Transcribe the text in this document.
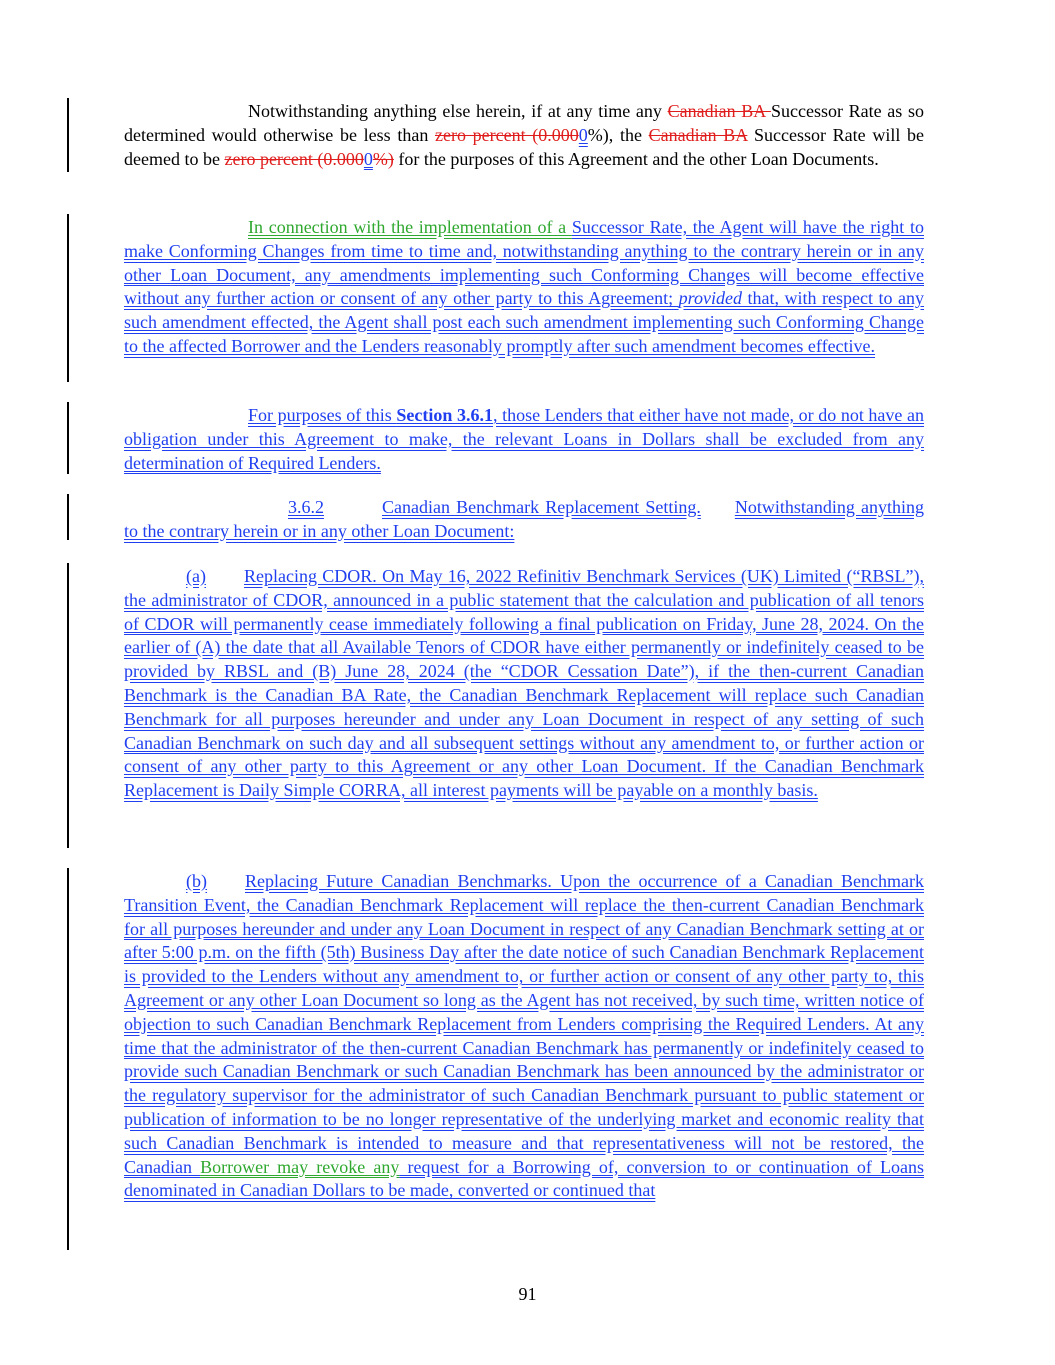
Notwithstanding anything else herein, if at any time any Canadian BA Successor Rate as so determined would otherwise be less than zero percent (0.0000%), the Canadian BA Successor Rate will be deemed to be zero percent (0.0000%) for the purposes of this Agreement and the other Loan Documents.

In connection with the implementation of a Successor Rate, the Agent will have the right to make Conforming Changes from time to time and, notwithstanding anything to the contrary herein or in any other Loan Document, any amendments implementing such Conforming Changes will become effective without any further action or consent of any other party to this Agreement; provided that, with respect to any such amendment effected, the Agent shall post each such amendment implementing such Conforming Change to the affected Borrower and the Lenders reasonably promptly after such amendment becomes effective.

For purposes of this Section 3.6.1, those Lenders that either have not made, or do not have an obligation under this Agreement to make, the relevant Loans in Dollars shall be excluded from any determination of Required Lenders.

3.6.2	Canadian Benchmark Replacement Setting. Notwithstanding anything to the contrary herein or in any other Loan Document:

(a) Replacing CDOR. On May 16, 2022 Refinitiv Benchmark Services (UK) Limited (“RBSL”), the administrator of CDOR, announced in a public statement that the calculation and publication of all tenors of CDOR will permanently cease immediately following a final publication on Friday, June 28, 2024. On the earlier of (A) the date that all Available Tenors of CDOR have either permanently or indefinitely ceased to be provided by RBSL and (B) June 28, 2024 (the “CDOR Cessation Date”), if the then-current Canadian Benchmark is the Canadian BA Rate, the Canadian Benchmark Replacement will replace such Canadian Benchmark for all purposes hereunder and under any Loan Document in respect of any setting of such Canadian Benchmark on such day and all subsequent settings without any amendment to, or further action or consent of any other party to this Agreement or any other Loan Document. If the Canadian Benchmark Replacement is Daily Simple CORRA, all interest payments will be payable on a monthly basis.

(b) Replacing Future Canadian Benchmarks. Upon the occurrence of a Canadian Benchmark Transition Event, the Canadian Benchmark Replacement will replace the then-current Canadian Benchmark for all purposes hereunder and under any Loan Document in respect of any Canadian Benchmark setting at or after 5:00 p.m. on the fifth (5th) Business Day after the date notice of such Canadian Benchmark Replacement is provided to the Lenders without any amendment to, or further action or consent of any other party to, this Agreement or any other Loan Document so long as the Agent has not received, by such time, written notice of objection to such Canadian Benchmark Replacement from Lenders comprising the Required Lenders. At any time that the administrator of the then-current Canadian Benchmark has permanently or indefinitely ceased to provide such Canadian Benchmark or such Canadian Benchmark has been announced by the administrator or the regulatory supervisor for the administrator of such Canadian Benchmark pursuant to public statement or publication of information to be no longer representative of the underlying market and economic reality that such Canadian Benchmark is intended to measure and that representativeness will not be restored, the Canadian Borrower may revoke any request for a Borrowing of, conversion to or continuation of Loans denominated in Canadian Dollars to be made, converted or continued that

91
